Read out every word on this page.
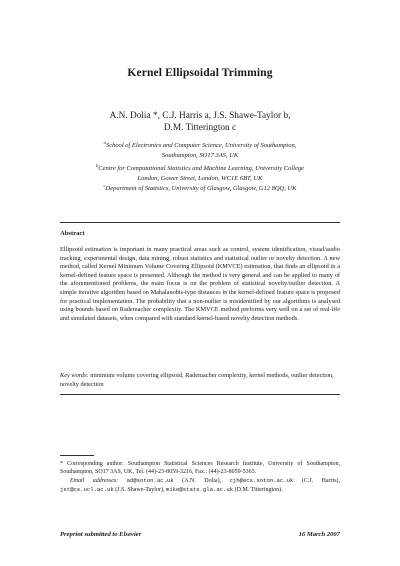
Kernel Ellipsoidal Trimming
A.N. Dolia *, C.J. Harris a, J.S. Shawe-Taylor b,
D.M. Titterington c
$^a$School of Electronics and Computer Science, University of Southampton,
Southampton, SO17 3AS, UK
$^b$Centre for Computational Statistics and Machine Learning, University College
London, Gower Street, London, WC1E 6BT, UK
$^c$Department of Statistics, University of Glasgow, Glasgow, G12 8QQ, UK
Abstract
Ellipsoid estimation is important in many practical areas such as control, system identification, visual/audio tracking, experimental design, data mining, robust statistics and statistical outlier or novelty detection. A new method, called Kernel Minimum Volume Covering Ellipsoid (KMVCE) estimation, that finds an ellipsoid in a kernel-defined feature space is presented. Although the method is very general and can be applied to many of the aforementioned problems, the main focus is on the problem of statistical novelty/outlier detection. A simple iterative algorithm based on Mahalanobis-type distances in the kernel-defined feature space is proposed for practical implementation. The probability that a non-outlier is misidentified by our algorithms is analysed using bounds based on Rademacher complexity. The KMVCE method performs very well on a set of real-life and simulated datasets, when compared with standard kernel-based novelty detection methods.
Key words: minimum volume covering ellipsoid, Rademacher complexity, kernel methods, outlier detection, novelty detection
* Corresponding author: Southampton Statistical Sciences Research Institute, University of Southampton, Southampton, SO17 3AS, UK, Tel. (44)-23-8059-3216, Fax.: (44)-23-8059-5363.
Email addresses: ad@soton.ac.uk (A.N. Dolia), cjh@ecs.soton.ac.uk (C.J. Harris), jst@cs.ucl.ac.uk (J.S. Shawe-Taylor), mike@stats.gla.ac.uk (D.M. Titterington).
Preprint submitted to Elsevier	16 March 2007
